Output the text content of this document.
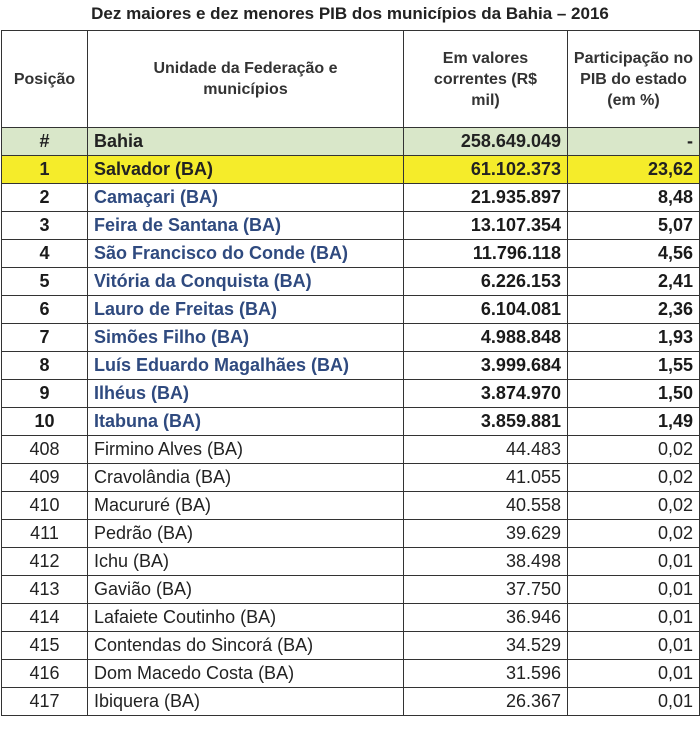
Dez maiores e dez menores PIB dos municípios da Bahia – 2016
Posição	Unidade da Federação e municípios	Em valores correntes (R$ mil)	Participação no PIB do estado (em %)
#	Bahia	258.649.049	-
1	Salvador (BA)	61.102.373	23,62
2	Camaçari (BA)	21.935.897	8,48
3	Feira de Santana (BA)	13.107.354	5,07
4	São Francisco do Conde (BA)	11.796.118	4,56
5	Vitória da Conquista (BA)	6.226.153	2,41
6	Lauro de Freitas (BA)	6.104.081	2,36
7	Simões Filho (BA)	4.988.848	1,93
8	Luís Eduardo Magalhães (BA)	3.999.684	1,55
9	Ilhéus (BA)	3.874.970	1,50
10	Itabuna (BA)	3.859.881	1,49
408	Firmino Alves (BA)	44.483	0,02
409	Cravolândia (BA)	41.055	0,02
410	Macururé (BA)	40.558	0,02
411	Pedrão (BA)	39.629	0,02
412	Ichu (BA)	38.498	0,01
413	Gavião (BA)	37.750	0,01
414	Lafaiete Coutinho (BA)	36.946	0,01
415	Contendas do Sincorá (BA)	34.529	0,01
416	Dom Macedo Costa (BA)	31.596	0,01
417	Ibiquera (BA)	26.367	0,01
